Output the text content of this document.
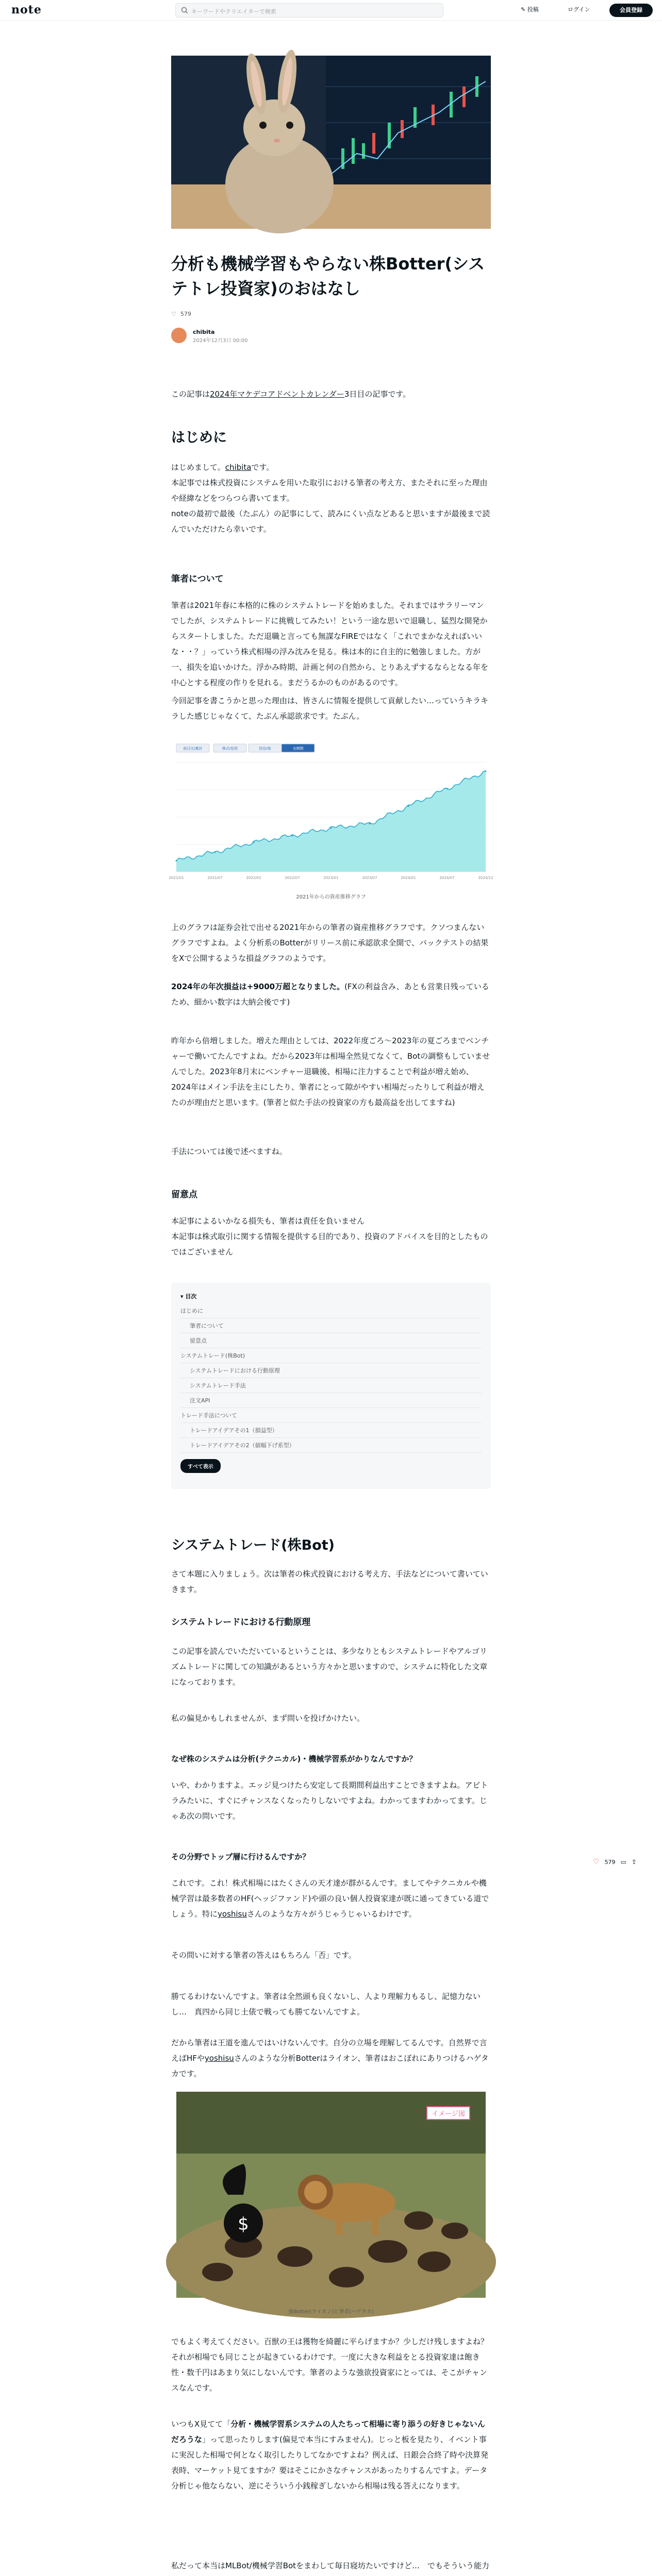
note	キーワードやクリエイターで検索	✎ 投稿	ログイン	会員登録
♡ 579 ▭ ⇪
分析も機械学習もやらない株Botter(システトレ投資家)のおはなし
♡ 579
chibita
2024年12月3日 00:00

この記事は2024年マケデコアドベントカレンダー3日目の記事です。

はじめに

はじめまして。chibitaです。

本記事では株式投資にシステムを用いた取引における筆者の考え方、またそれに至った理由や経緯などをつらつら書いてます。

noteの最初で最後（たぶん）の記事にして、読みにくい点などあると思いますが最後まで読んでいただけたら幸いです。

筆者について

筆者は2021年春に本格的に株のシステムトレードを始めました。それまではサラリーマンでしたが、システムトレードに挑戦してみたい！という一途な思いで退職し、猛烈な開発からスタートしました。ただ退職と言っても無謀なFIREではなく「これでまかなえればいいな・・？」っていう株式相場の浮み沈みを見る。株は本的に自主的に勉強しました。方が一、損失を追いかけた。浮かみ時期、計画と何の自然から、とりあえずするならとなる年を中心とする程度の作りを見れる。まだうるかのものがあるのです。

今回記事を書こうかと思った理由は、皆さんに情報を提供して貢献したい…っていうキラキラした感じじゃなくて、たぶん承認欲求です。たぶん。

前日比/累計	株式/信用	投信/他	全期間
2021/01	2021/07	2022/01	2022/07	2023/01	2023/07	2024/01	2024/07	2024/12
2021年からの資産推移グラフ

上のグラフは証券会社で出せる2021年からの筆者の資産推移グラフです。クソつまんないグラフですよね。よく分析系のBotterがリリース前に承認欲求全開で、バックテストの結果をXで公開するような損益グラフのようです。

2024年の年次損益は+9000万超となりました。(FXの利益含み、あとも営業日残っているため、細かい数字は大納会後です)

昨年から倍増しました。増えた理由としては、2022年度ごろ〜2023年の夏ごろまでベンチャーで働いてたんですよね。だから2023年は相場全然見てなくて、Botの調整もしていませんでした。2023年8月末にベンチャー退職後、相場に注力することで利益が増え始め、2024年はメイン手法を主にしたり、筆者にとって隙がやすい相場だったりして利益が増えたのが理由だと思います。(筆者と似た手法の投資家の方も最高益を出してますね)

手法については後で述べますね。

留意点

本記事によるいかなる損失も、筆者は責任を負いません

本記事は株式取引に関する情報を提供する目的であり、投資のアドバイスを目的としたものではございません

▾ 目次
はじめに
筆者について
留意点
システムトレード(株Bot)
システムトレードにおける行動原理
システムトレード手法
注文API
トレード手法について
トレードアイデアその1（損益型）
トレードアイデアその2（値幅下げ系型）
すべて表示
システムトレード(株Bot)

さて本題に入りましょう。次は筆者の株式投資における考え方、手法などについて書いていきます。

システムトレードにおける行動原理

この記事を読んでいただいているということは、多少なりともシステムトレードやアルゴリズムトレードに関しての知識があるという方々かと思いますので、システムに特化した文章になっております。

私の偏見かもしれませんが、まず問いを投げかけたい。

なぜ株のシステムは分析(テクニカル)・機械学習系がかりなんですか？

いや、わかりますよ。エッジ見つけたら安定して長期間利益出すことできますよね。アビトラみたいに、すぐにチャンスなくなったりしないですよね。わかってますわかってます。じゃあ次の問いです。

その分野でトップ層に行けるんですか？

これです。これ！株式相場にはたくさんの天才達が群がるんです。ましてやテクニカルや機械学習は最多数者のHF(ヘッジファンド)や頭の良い個人投資家達が既に通ってきている道でしょう。特にyoshisuさんのような方々がうじゃうじゃいるわけです。

その問いに対する筆者の答えはもちろん「否」です。

勝てるわけないんですよ。筆者は全然頭も良くないし、人より理解力もるし、記憶力ないし…　真四から同じ土俵で戦っても勝てないんですよ。

だから筆者は王道を進んではいけないんです。自分の立場を理解してるんです。自然界で言えばHFやyoshisuさんのような分析Botterはライオン、筆者はおこぼれにありつけるハゲタカです。

$
イメージ図
強Botter(ライオン)と筆者(ハゲタカ)

でもよく考えてください。百獣の王は獲物を綺麗に平らげますか？少しだけ残しますよね？それが相場でも同じことが起きているわけです。一度に大きな利益をとる投資家達は飽き性・数千円はあまり気にしないんです。筆者のような強欲投資家にとっては、そこがチャンスなんです。

いつもX見てて「分析・機械学習系システムの人たちって相場に寄り添うの好きじゃないんだろうな」って思ったりします(偏見で本当にすみません)。じっと板を見たり、イベント事に実況した相場で何となく取引したりしてなかですよね？例えば、日銀会合終了時や決算発表時、マーケット見てますか？要はそこにかさなチャンスがあったりするんですよ。データ分析じゃ他ならない、逆にそういう小銭稼ぎしないから相場は残る答えになります。

私だって本当はMLBot/機械学習Botをまわして毎日寝坊たいですけど…　でもそういう能力
